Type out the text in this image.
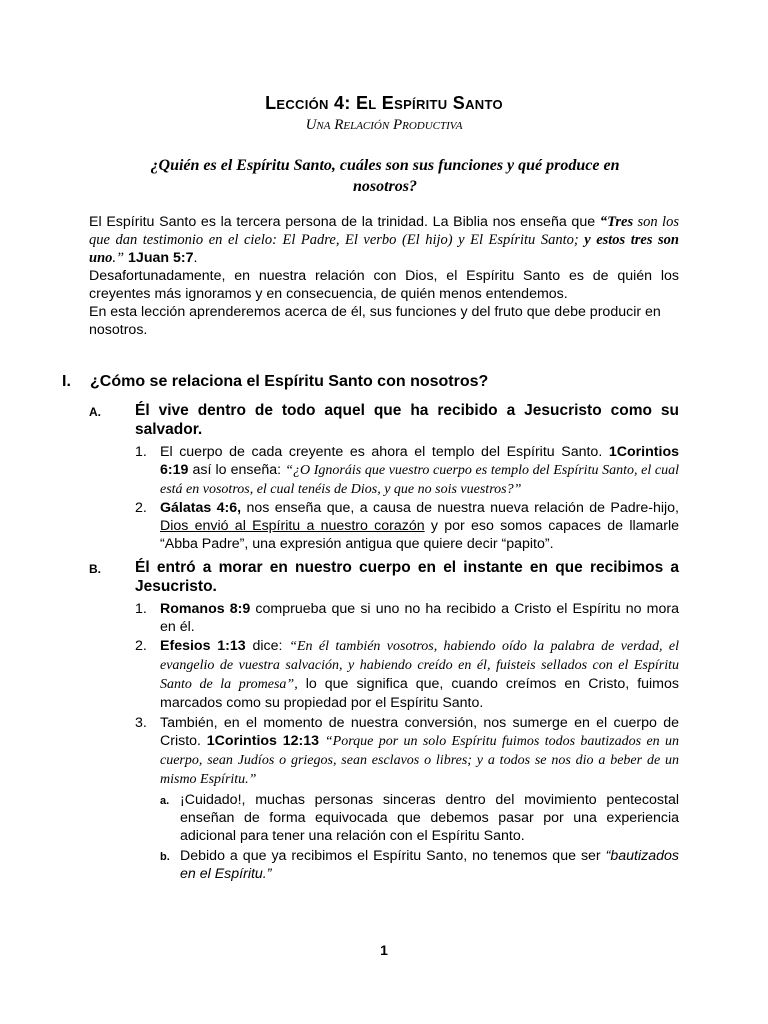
Lección 4: El Espíritu Santo
Una Relación Productiva
¿Quién es el Espíritu Santo, cuáles son sus funciones y qué produce en nosotros?

El Espíritu Santo es la tercera persona de la trinidad. La Biblia nos enseña que “Tres son los que dan testimonio en el cielo: El Padre, El verbo (El hijo) y El Espíritu Santo; y estos tres son uno.” 1Juan 5:7.

Desafortunadamente, en nuestra relación con Dios, el Espíritu Santo es de quién los creyentes más ignoramos y en consecuencia, de quién menos entendemos.

En esta lección aprenderemos acerca de él, sus funciones y del fruto que debe producir en nosotros.

I. ¿Cómo se relaciona el Espíritu Santo con nosotros?
A. Él vive dentro de todo aquel que ha recibido a Jesucristo como su salvador.
1. El cuerpo de cada creyente es ahora el templo del Espíritu Santo. 1Corintios 6:19 así lo enseña: “¿O Ignoráis que vuestro cuerpo es templo del Espíritu Santo, el cual está en vosotros, el cual tenéis de Dios, y que no sois vuestros?”
2. Gálatas 4:6, nos enseña que, a causa de nuestra nueva relación de Padre-hijo, Dios envió al Espíritu a nuestro corazón y por eso somos capaces de llamarle “Abba Padre”, una expresión antigua que quiere decir “papito”.
B. Él entró a morar en nuestro cuerpo en el instante en que recibimos a Jesucristo.
1. Romanos 8:9 comprueba que si uno no ha recibido a Cristo el Espíritu no mora en él.
2. Efesios 1:13 dice: “En él también vosotros, habiendo oído la palabra de verdad, el evangelio de vuestra salvación, y habiendo creído en él, fuisteis sellados con el Espíritu Santo de la promesa”, lo que significa que, cuando creímos en Cristo, fuimos marcados como su propiedad por el Espíritu Santo.
3. También, en el momento de nuestra conversión, nos sumerge en el cuerpo de Cristo. 1Corintios 12:13 “Porque por un solo Espíritu fuimos todos bautizados en un cuerpo, sean Judíos o griegos, sean esclavos o libres; y a todos se nos dio a beber de un mismo Espíritu.”
a. ¡Cuidado!, muchas personas sinceras dentro del movimiento pentecostal enseñan de forma equivocada que debemos pasar por una experiencia adicional para tener una relación con el Espíritu Santo.
b. Debido a que ya recibimos el Espíritu Santo, no tenemos que ser “bautizados en el Espíritu.”
1
